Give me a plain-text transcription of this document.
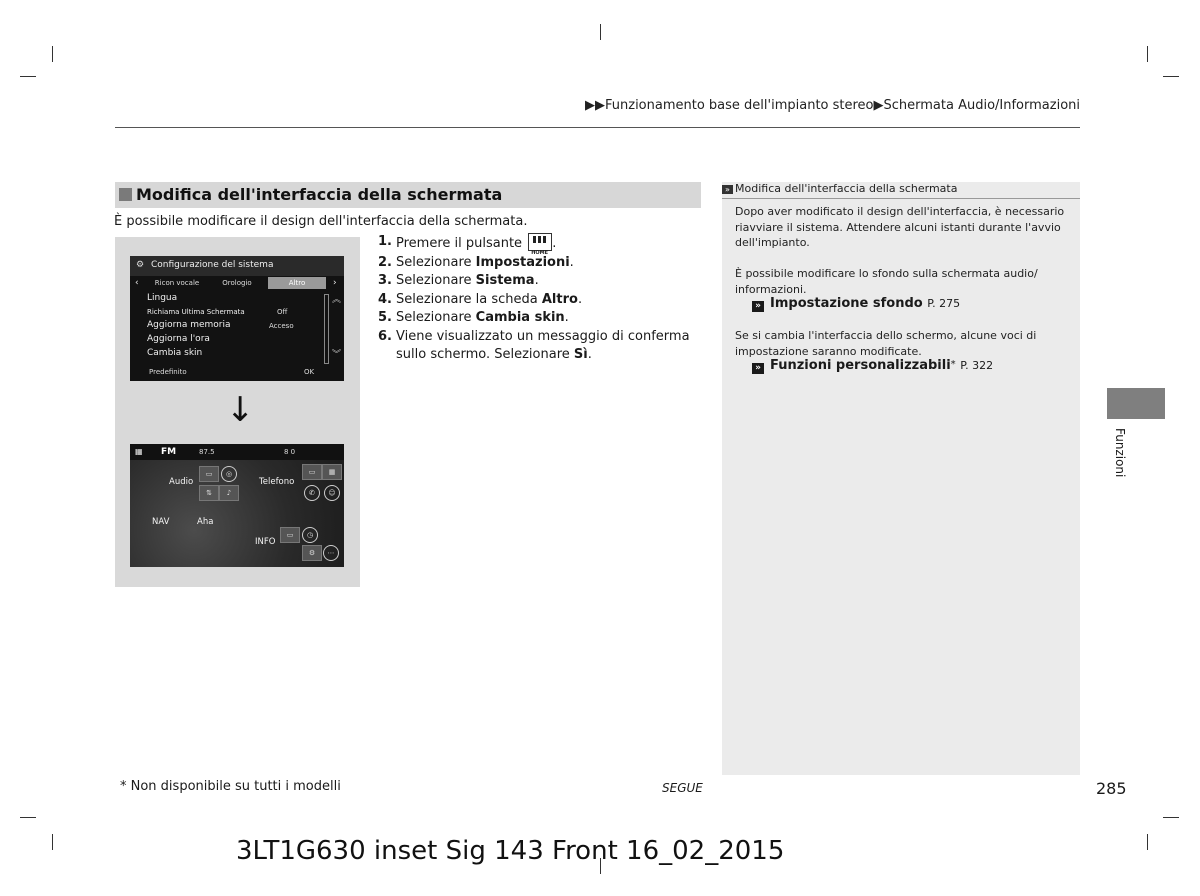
▶▶Funzionamento base dell'impianto stereo▶Schermata Audio/Informazioni
Modifica dell'interfaccia della schermata
È possibile modificare il design dell'interfaccia della schermata.
⚙ Configurazione del sistema
‹	Ricon vocale	Orologio	Altro	›
Lingua
Richiama Ultima Schermata	Off
Aggiorna memoria	Acceso
Aggiorna l'ora
Cambia skin
︽
︾
Predefinito	OK
↓
▦	FM	87.5	8 0
▭	◎
Audio
⇅	♪
▭	▦
Telefono
✆	☺
NAV	Aha
▭	◷
INFO
⚙	⋯
1. Premere il pulsante
HOME
.
2. Selezionare Impostazioni.
3. Selezionare Sistema.
4. Selezionare la scheda Altro.
5. Selezionare Cambia skin.
6. Viene visualizzato un messaggio di conferma sullo schermo. Selezionare Sì.
» Modifica dell'interfaccia della schermata
Dopo aver modificato il design dell'interfaccia, è necessario riavviare il sistema. Attendere alcuni istanti durante l'avvio dell'impianto.
È possibile modificare lo sfondo sulla schermata audio/ informazioni.
» Impostazione sfondo P. 275
Se si cambia l'interfaccia dello schermo, alcune voci di impostazione saranno modificate.
» Funzioni personalizzabili* P. 322
Funzioni
* Non disponibile su tutti i modelli	SEGUE	285
3LT1G630 inset Sig 143 Front 16_02_2015
